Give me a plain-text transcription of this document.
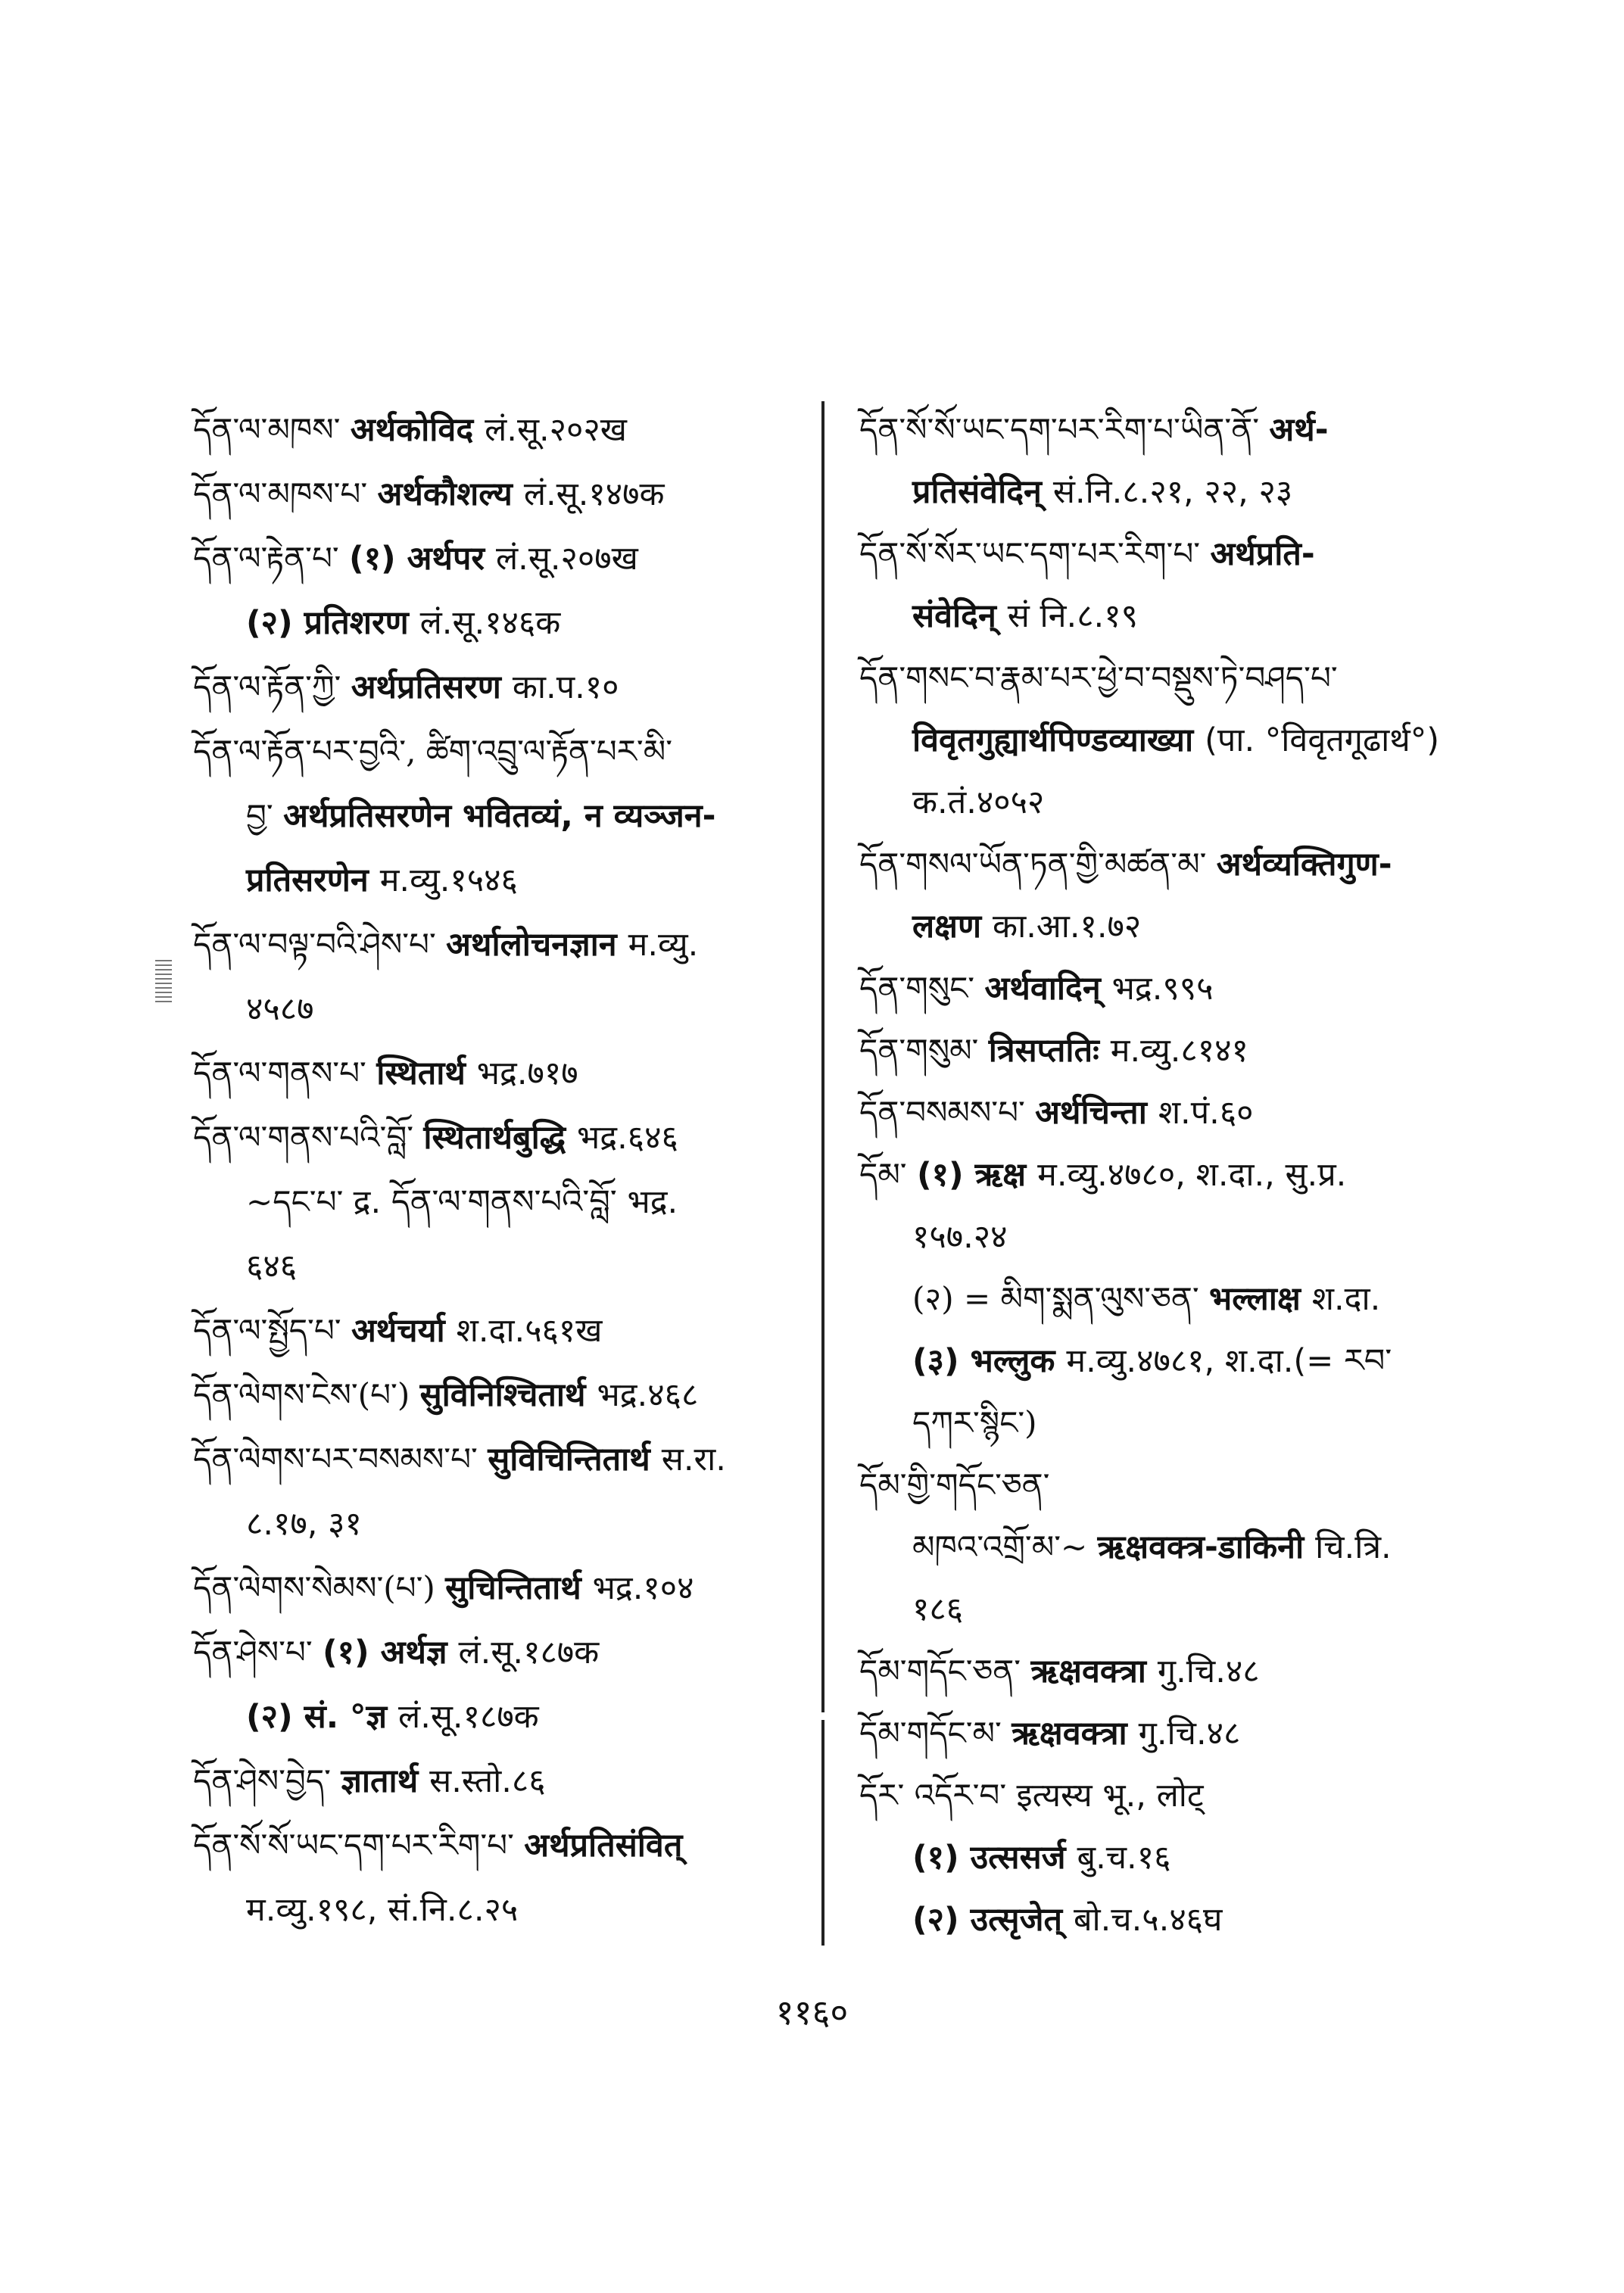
དོན་ལ་མཁས་ अर्थकोविद लं.सू.२०२ख
དོན་ལ་མཁས་པ་ अर्थकौशल्य लं.सू.१४७क
དོན་ལ་རྟེན་པ་ (१) अर्थपर लं.सू.२०७ख
(२) प्रतिशरण लं.सू.१४६क
དོན་ལ་རྟོན་ཀྱི་ अर्थप्रतिसरण का.प.१०
དོན་ལ་རྟོན་པར་བྱའི་, ཚིག་འབྲུ་ལ་རྟོན་པར་མི་
བྱ་ अर्थप्रतिसरणेन भवितव्यं, न व्यञ्जन-
प्रतिसरणेन म.व्यु.१५४६
དོན་ལ་བལྟ་བའི་ཤེས་པ་ अर्थालोचनज्ञान म.व्यु.
४५८७
དོན་ལ་གནས་པ་ स्थितार्थ भद्र.७१७
དོན་ལ་གནས་པའི་བློ་ स्थितार्थबुद्धि भद्र.६४६
~དང་པ་ द्र. དོན་ལ་གནས་པའི་བློ་ भद्र.
६४६
དོན་ལ་སྤྱོད་པ་ अर्थचर्या श.दा.५६१ख
དོན་ལེགས་ངེས་(པ་) सुविनिश्चितार्थ भद्र.४६८
དོན་ལེགས་པར་བསམས་པ་ सुविचिन्तितार्थ स.रा.
८.१७, ३१
དོན་ལེགས་སེམས་(པ་) सुचिन्तितार्थ भद्र.१०४
དོན་ཤེས་པ་ (१) अर्थज्ञ लं.सू.१८७क
(२) सं. °ज्ञ लं.सू.१८७क
དོན་ཤེས་བྱེད་ ज्ञातार्थ स.स्तो.८६
དོན་སོ་སོ་ཡང་དག་པར་རིག་པ་ अर्थप्रतिसंवित्
म.व्यु.१९८, सं.नि.८.२५
དོན་སོ་སོ་ཡང་དག་པར་རིག་པ་ཡིན་ནོ་ अर्थ-
प्रतिसंवेदिन् सं.नि.८.२१, २२, २३
དོན་སོ་སོར་ཡང་དག་པར་རིག་པ་ अर्थप्रति-
संवेदिन् सं नि.८.१९
དོན་གསང་བ་རྣམ་པར་ཕྱེ་བ་བསྡུས་ཏེ་བཤད་པ་
विवृतगुह्यार्थपिण्डव्याख्या (पा. °विवृतगूढार्थ°)
क.तं.४०५२
དོན་གསལ་ཡོན་ཏན་གྱི་མཚན་མ་ अर्थव्यक्तिगुण-
लक्षण का.आ.१.७२
དོན་གསུང་ अर्थवादिन् भद्र.९९५
དོན་གསུམ་ त्रिसप्ततिः म.व्यु.८१४१
དོན་བསམས་པ་ अर्थचिन्ता श.पं.६०
དོམ་ (१) ऋक्ष म.व्यु.४७८०, श.दा., सु.प्र.
१५७.२४
(२) = མིག་སྨན་ལུས་ཅན་ भल्लाक्ष श.दा.
(३) भल्लुक म.व्यु.४७८१, श.दा.(= རབ་
དཀར་སྙིང་)
དོམ་གྱི་གདོང་ཅན་
མཁའ་འགྲོ་མ་~ ऋक्षवक्त्र-डाकिनी चि.त्रि.
१८६
དོམ་གདོང་ཅན་ ऋक्षवक्त्रा गु.चि.४८
དོམ་གདོང་མ་ ऋक्षवक्त्रा गु.चि.४८
དོར་ འདོར་བ་ इत्यस्य भू., लोट्
(१) उत्ससर्ज बु.च.१६
(२) उत्सृजेत् बो.च.५.४६घ
११६०
